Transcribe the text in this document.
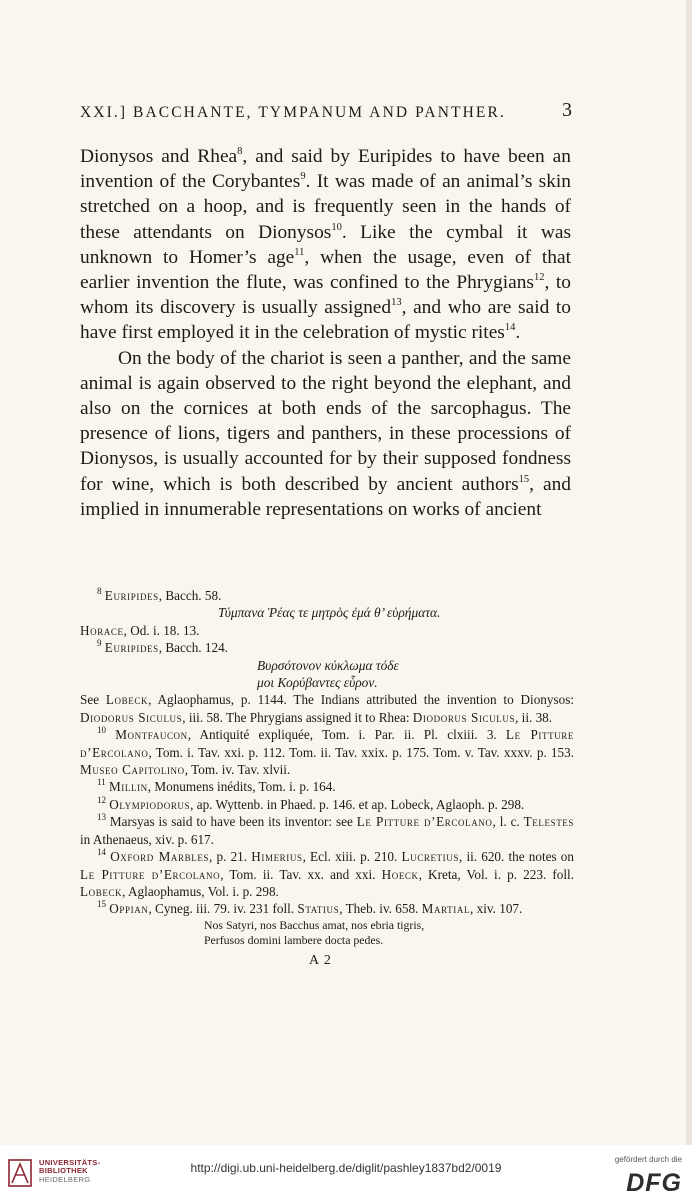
XXI.] BACCHANTE, TYMPANUM AND PANTHER.	3

Dionysos and Rhea$^8$, and said by Euripides to have been an invention of the Corybantes$^9$. It was made of an animal’s skin stretched on a hoop, and is frequently seen in the hands of these attendants on Dionysos$^{10}$. Like the cymbal it was unknown to Homer’s age$^{11}$, when the usage, even of that earlier invention the flute, was confined to the Phrygians$^{12}$, to whom its discovery is usually assigned$^{13}$, and who are said to have first employed it in the celebration of mystic rites$^{14}$.

On the body of the chariot is seen a panther, and the same animal is again observed to the right beyond the elephant, and also on the cornices at both ends of the sarcophagus. The presence of lions, tigers and panthers, in these processions of Dionysos, is usually accounted for by their supposed fondness for wine, which is both described by ancient authors$^{15}$, and implied in innumerable representations on works of ancient

$^8$ Euripides, Bacch. 58.

Τύμπανα Ῥέας τε μητρὸς ἐμά θ’ εὑρήματα.

Horace, Od. i. 18. 13.

$^9$ Euripides, Bacch. 124.

Βυρσότονον κύκλωμα τόδε

μοι Κορύβαντες εὗρον.

See Lobeck, Aglaophamus, p. 1144. The Indians attributed the invention to Dionysos: Diodorus Siculus, iii. 58. The Phrygians assigned it to Rhea: Diodorus Siculus, ii. 38.

$^{10}$ Montfaucon, Antiquité expliquée, Tom. i. Par. ii. Pl. clxiii. 3. Le Pitture d’Ercolano, Tom. i. Tav. xxi. p. 112. Tom. ii. Tav. xxix. p. 175. Tom. v. Tav. xxxv. p. 153. Museo Capitolino, Tom. iv. Tav. xlvii.

$^{11}$ Millin, Monumens inédits, Tom. i. p. 164.

$^{12}$ Olympiodorus, ap. Wyttenb. in Phaed. p. 146. et ap. Lobeck, Aglaoph. p. 298.

$^{13}$ Marsyas is said to have been its inventor: see Le Pitture d’Ercolano, l. c. Telestes in Athenaeus, xiv. p. 617.

$^{14}$ Oxford Marbles, p. 21. Himerius, Ecl. xiii. p. 210. Lucretius, ii. 620. the notes on Le Pitture d’Ercolano, Tom. ii. Tav. xx. and xxi. Hoeck, Kreta, Vol. i. p. 223. foll. Lobeck, Aglaophamus, Vol. i. p. 298.

$^{15}$ Oppian, Cyneg. iii. 79. iv. 231 foll. Statius, Theb. iv. 658. Martial, xiv. 107.

Nos Satyri, nos Bacchus amat, nos ebria tigris,

Perfusos domini lambere docta pedes.

A 2

UNIVERSITÄTS-
BIBLIOTHEK
HEIDELBERG
http://digi.ub.uni-heidelberg.de/diglit/pashley1837bd2/0019
gefördert durch die
DFG
